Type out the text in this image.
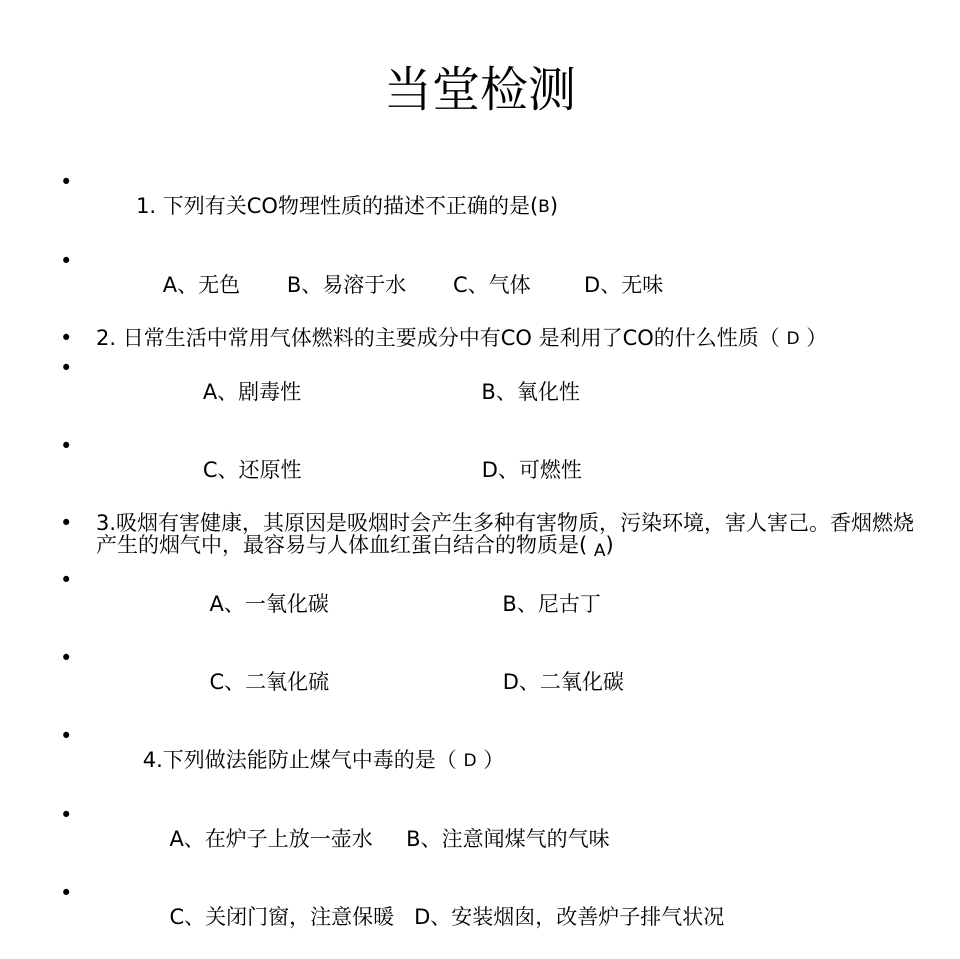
当堂检测

•
1. 下列有关CO物理性质的描述不正确的是(B)

•
A、无色       B、易溶于水       C、气体        D、无味

• 2. 日常生活中常用气体燃料的主要成分中有CO 是利用了CO的什么性质（ D ）

•
A、剧毒性                           B、氧化性

•
C、还原性                           D、可燃性

• 3.吸烟有害健康，其原因是吸烟时会产生多种有害物质，污染环境，害人害己。香烟燃烧产生的烟气中，最容易与人体血红蛋白结合的物质是( A)

•
A、一氧化碳                          B、尼古丁

•
C、二氧化硫                          D、二氧化碳

•
4.下列做法能防止煤气中毒的是（ D ）

•
A、在炉子上放一壶水     B、注意闻煤气的气味

•
C、关闭门窗，注意保暖   D、安装烟囱，改善炉子排气状况
